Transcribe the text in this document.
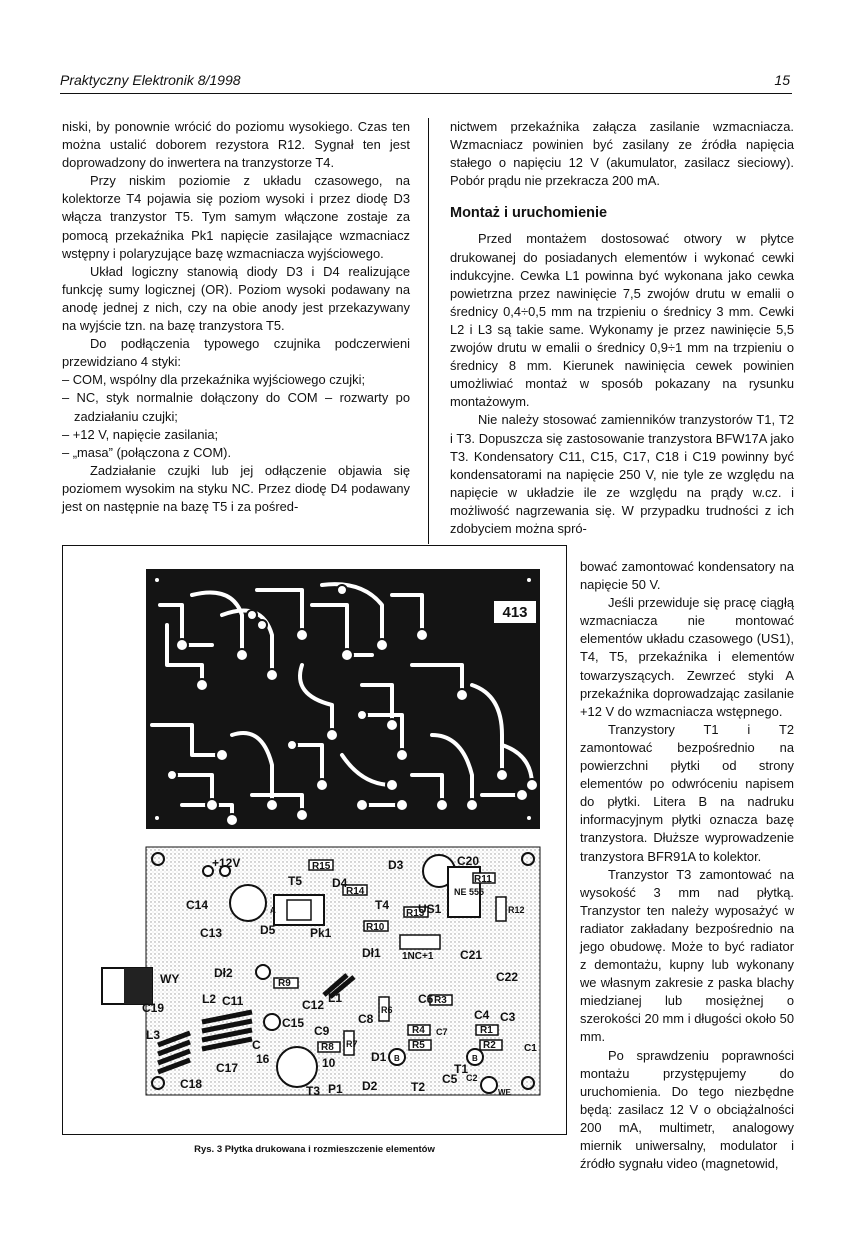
Praktyczny Elektronik 8/1998	15

niski, by ponownie wrócić do poziomu wysokiego. Czas ten można ustalić doborem rezystora R12. Sygnał ten jest doprowadzony do inwertera na tranzystorze T4.

Przy niskim poziomie z układu czasowego, na kolektorze T4 pojawia się poziom wysoki i przez diodę D3 włącza tranzystor T5. Tym samym włączone zostaje za pomocą przekaźnika Pk1 napięcie zasilające wzmacniacz wstępny i polaryzujące bazę wzmacniacza wyjściowego.

Układ logiczny stanowią diody D3 i D4 realizujące funkcję sumy logicznej (OR). Poziom wysoki podawany na anodę jednej z nich, czy na obie anody jest przekazywany na wyjście tzn. na bazę tranzystora T5.

Do podłączenia typowego czujnika podczerwieni przewidziano 4 styki:

– COM, wspólny dla przekaźnika wyjściowego czujki;
– NC, styk normalnie dołączony do COM – rozwarty po zadziałaniu czujki;
– +12 V, napięcie zasilania;
– „masa” (połączona z COM).

Zadziałanie czujki lub jej odłączenie objawia się poziomem wysokim na styku NC. Przez diodę D4 podawany jest on następnie na bazę T5 i za pośred-

nictwem przekaźnika załącza zasilanie wzmacniacza. Wzmacniacz powinien być zasilany ze źródła napięcia stałego o napięciu 12 V (akumulator, zasilacz sieciowy). Pobór prądu nie przekracza 200 mA.

Montaż i uruchomienie

Przed montażem dostosować otwory w płytce drukowanej do posiadanych elementów i wykonać cewki indukcyjne. Cewka L1 powinna być wykonana jako cewka powietrzna przez nawinięcie 7,5 zwojów drutu w emalii o średnicy 0,4÷0,5 mm na trzpieniu o średnicy 3 mm. Cewki L2 i L3 są takie same. Wykonamy je przez nawinięcie 5,5 zwojów drutu w emalii o średnicy 0,9÷1 mm na trzpieniu o średnicy 8 mm. Kierunek nawinięcia cewek powinien umożliwiać montaż w sposób pokazany na rysunku montażowym.

Nie należy stosować zamienników tranzystorów T1, T2 i T3. Dopuszcza się zastosowanie tranzystora BFW17A jako T3. Kondensatory C11, C15, C17, C18 i C19 powinny być kondensatorami na napięcie 250 V, nie tyle ze względu na napięcie w układzie ile ze względu na prądy w.cz. i możliwość nagrzewania się. W przypadku trudności z ich zdobyciem można spró-

bować zamontować kondensatory na napięcie 50 V.

Jeśli przewiduje się pracę ciągłą wzmacniacza nie montować elementów układu czasowego (US1), T4, T5, przekaźnika i elementów towarzyszących. Zewrzeć styki A przekaźnika doprowadzając zasilanie +12 V do wzmacniacza wstępnego.

Tranzystory T1 i T2 zamontować bezpośrednio na powierzchni płytki od strony elementów po odwróceniu napisem do płytki. Litera B na nadruku informacyjnym płytki oznacza bazę tranzystora. Dłuższe wyprowadzenie tranzystora BFR91A to kolektor.

Tranzystor T3 zamontować na wysokość 3 mm nad płytką. Tranzystor ten należy wyposażyć w radiator zakładany bezpośrednio na jego obudowę. Może to być radiator z demontażu, kupny lub wykonany we własnym zakresie z paska blachy miedzianej lub mosiężnej o szerokości 20 mm i długości około 50 mm.

Po sprawdzeniu poprawności montażu przystępujemy do uruchomienia. Do tego niezbędne będą: zasilacz 12 V o obciążalności 200 mA, multimetr, analogowy miernik uniwersalny, modulator i źródło sygnału video (magnetowid,

413
+12V	R15	D3	C20
T5 D4	R11
R14
C14	US1
T4
R13
NE 555
R12
C13	D5	Pk1	R10
Dł1 1NC+1 C21
WY	Dł2
R9	C22
C19
L2 C11	C12 L1
R6
C6 R3
C4 C3
C15
C9
R7
R4	R1
L3
R8	R5	R2	C1
C
C17
16	10	D1
C8
C5
T1
C2
C7
C18	T3 P1 D2	T2	WE
B	B
A
Rys. 3 Płytka drukowana i rozmieszczenie elementów
